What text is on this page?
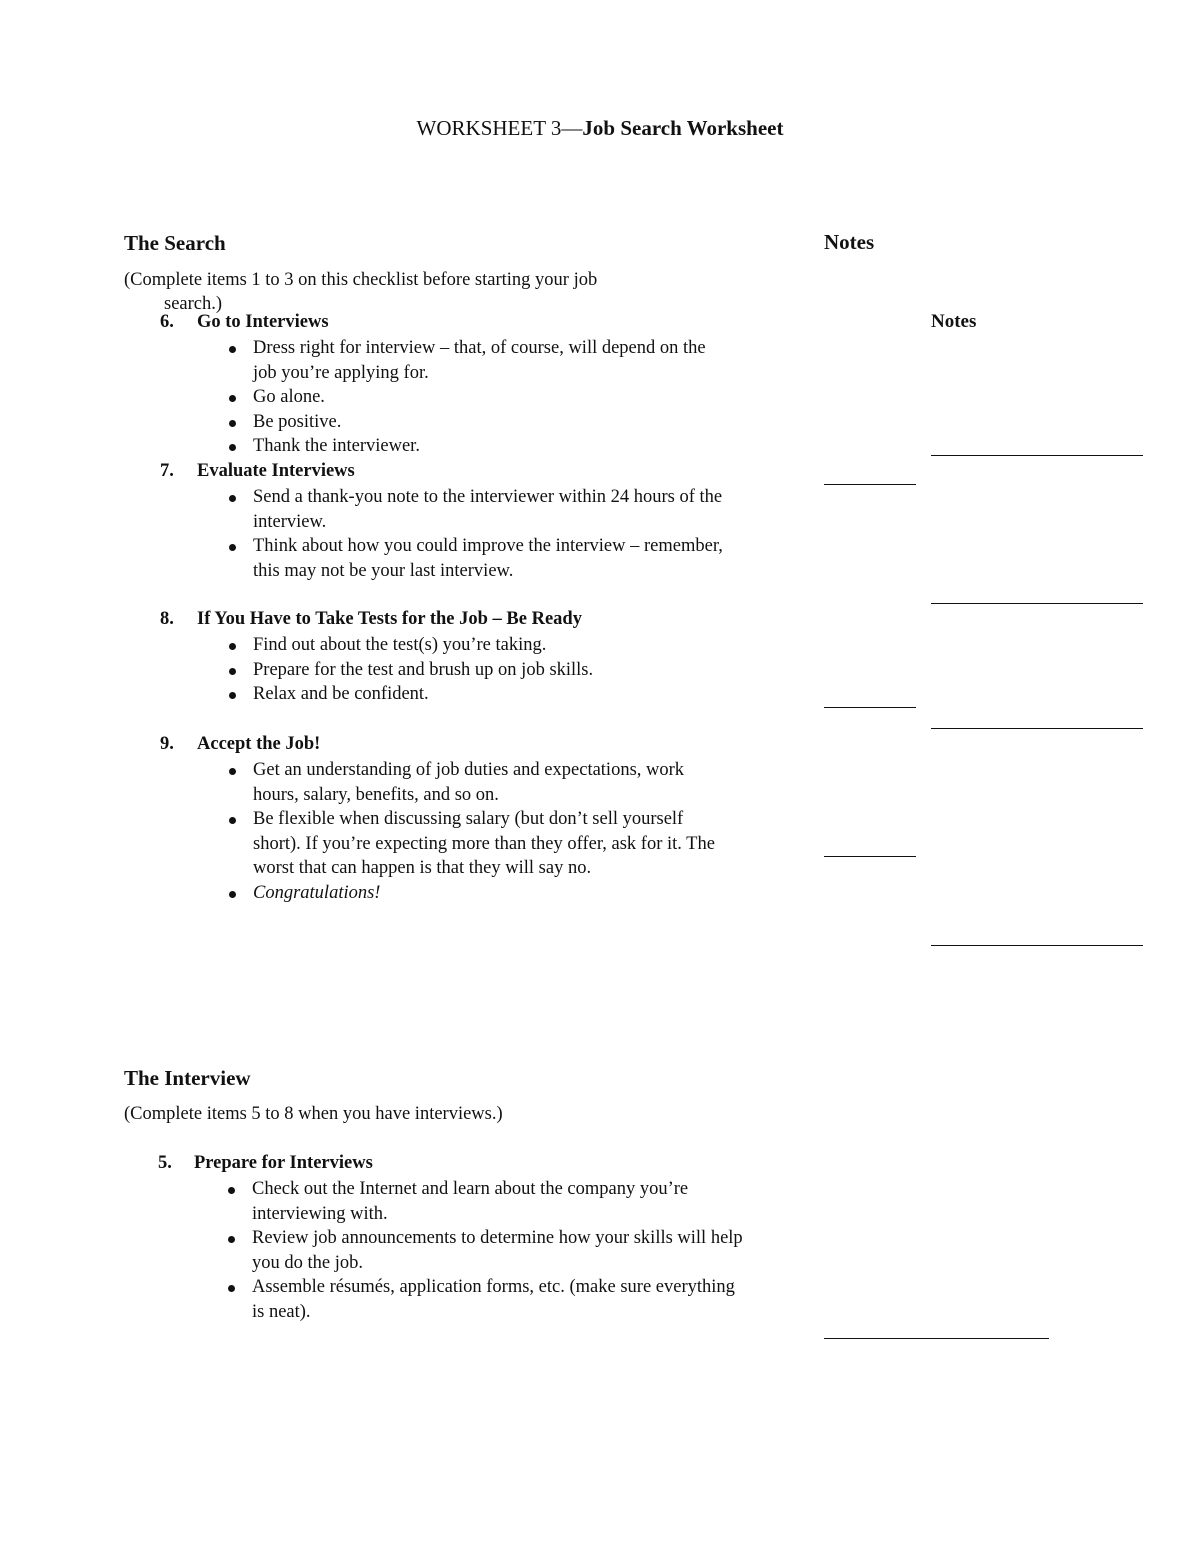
WORKSHEET 3—Job Search Worksheet
The Search	Notes
(Complete items 1 to 3 on this checklist before starting your job
search.)
Notes
6. Go to Interviews
Dress right for interview – that, of course, will depend on the job you’re applying for.
Go alone.
Be positive.
Thank the interviewer.
7. Evaluate Interviews
Send a thank-you note to the interviewer within 24 hours of the interview.
Think about how you could improve the interview – remember, this may not be your last interview.
8. If You Have to Take Tests for the Job – Be Ready
Find out about the test(s) you’re taking.
Prepare for the test and brush up on job skills.
Relax and be confident.
9. Accept the Job!
Get an understanding of job duties and expectations, work hours, salary, benefits, and so on.
Be flexible when discussing salary (but don’t sell yourself short). If you’re expecting more than they offer, ask for it. The worst that can happen is that they will say no.
Congratulations!
The Interview
(Complete items 5 to 8 when you have interviews.)
5. Prepare for Interviews
Check out the Internet and learn about the company you’re interviewing with.
Review job announcements to determine how your skills will help you do the job.
Assemble résumés, application forms, etc. (make sure everything is neat).
